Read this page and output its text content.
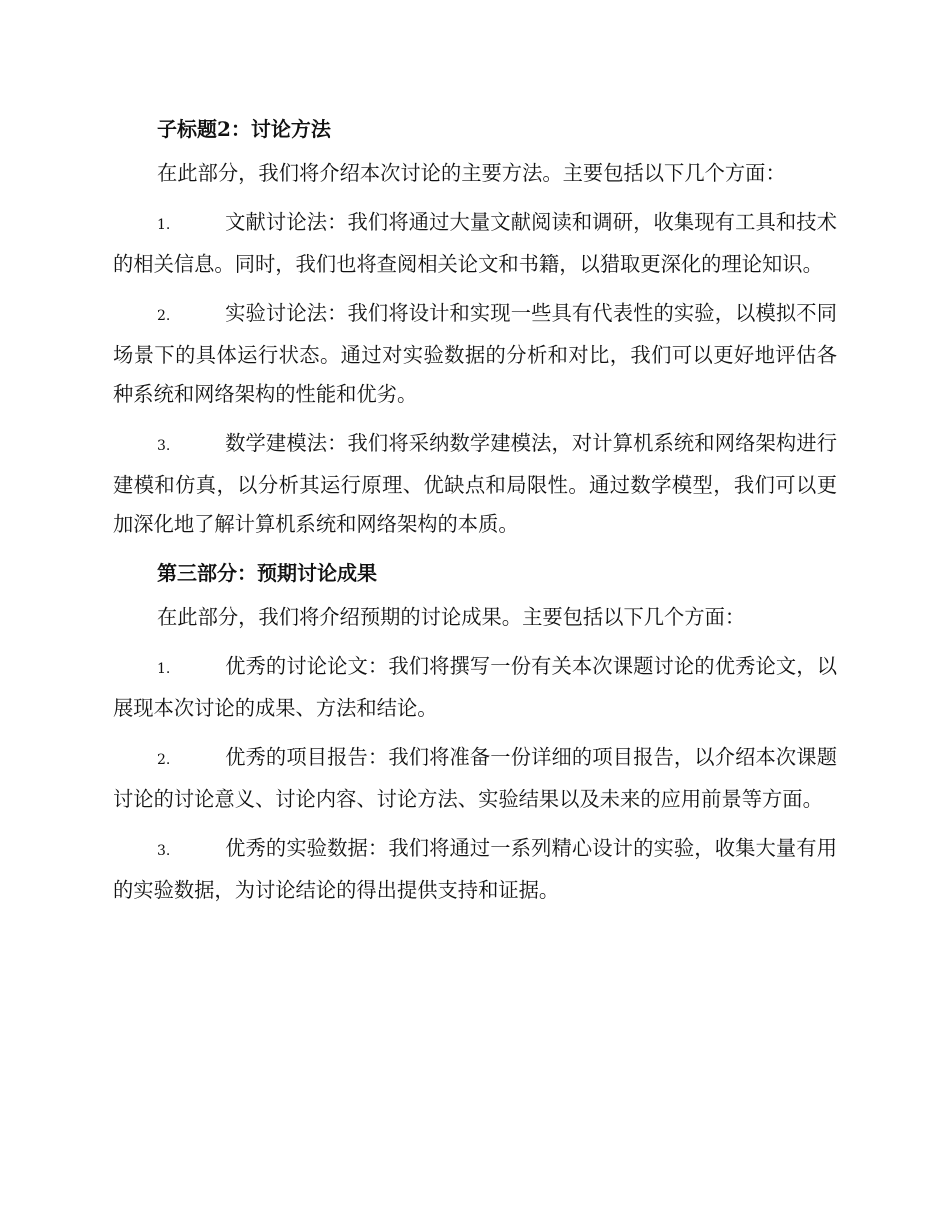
子标题2：讨论方法

在此部分，我们将介绍本次讨论的主要方法。主要包括以下几个方面：

1.	文献讨论法：我们将通过大量文献阅读和调研，收集现有工具和技术的相关信息。同时，我们也将查阅相关论文和书籍，以猎取更深化的理论知识。

2.	实验讨论法：我们将设计和实现一些具有代表性的实验，以模拟不同场景下的具体运行状态。通过对实验数据的分析和对比，我们可以更好地评估各种系统和网络架构的性能和优劣。

3.	数学建模法：我们将采纳数学建模法，对计算机系统和网络架构进行建模和仿真，以分析其运行原理、优缺点和局限性。通过数学模型，我们可以更加深化地了解计算机系统和网络架构的本质。

第三部分：预期讨论成果

在此部分，我们将介绍预期的讨论成果。主要包括以下几个方面：

1.	优秀的讨论论文：我们将撰写一份有关本次课题讨论的优秀论文，以展现本次讨论的成果、方法和结论。

2.	优秀的项目报告：我们将准备一份详细的项目报告，以介绍本次课题讨论的讨论意义、讨论内容、讨论方法、实验结果以及未来的应用前景等方面。

3.	优秀的实验数据：我们将通过一系列精心设计的实验，收集大量有用的实验数据，为讨论结论的得出提供支持和证据。
